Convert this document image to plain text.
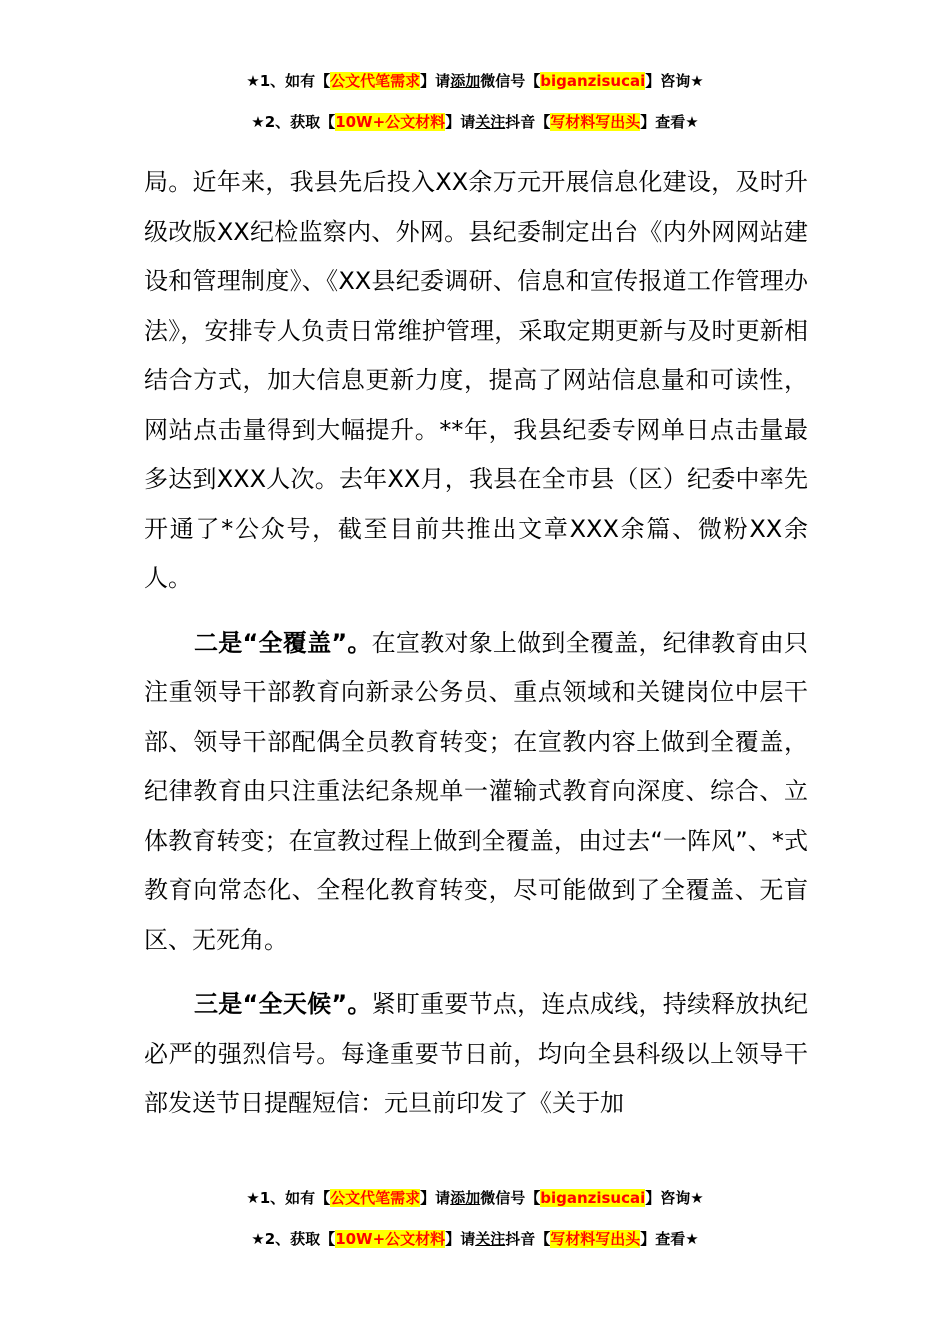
★1、如有【公文代笔需求】请添加微信号【biganzisucai】咨询★
★2、获取【10W+公文材料】请关注抖音【写材料写出头】查看★

局。近年来，我县先后投入XX余万元开展信息化建设，及时升级改版XX纪检监察内、外网。县纪委制定出台《内外网网站建设和管理制度》、《XX县纪委调研、信息和宣传报道工作管理办法》，安排专人负责日常维护管理，采取定期更新与及时更新相结合方式，加大信息更新力度，提高了网站信息量和可读性，网站点击量得到大幅提升。**年，我县纪委专网单日点击量最多达到XXX人次。去年XX月，我县在全市县（区）纪委中率先开通了*公众号，截至目前共推出文章XXX余篇、微粉XX余人。

二是“全覆盖”。在宣教对象上做到全覆盖，纪律教育由只注重领导干部教育向新录公务员、重点领域和关键岗位中层干部、领导干部配偶全员教育转变；在宣教内容上做到全覆盖，纪律教育由只注重法纪条规单一灌输式教育向深度、综合、立体教育转变；在宣教过程上做到全覆盖，由过去“一阵风”、*式教育向常态化、全程化教育转变，尽可能做到了全覆盖、无盲区、无死角。

三是“全天候”。紧盯重要节点，连点成线，持续释放执纪必严的强烈信号。每逢重要节日前，均向全县科级以上领导干部发送节日提醒短信：元旦前印发了《关于加

★1、如有【公文代笔需求】请添加微信号【biganzisucai】咨询★
★2、获取【10W+公文材料】请关注抖音【写材料写出头】查看★
